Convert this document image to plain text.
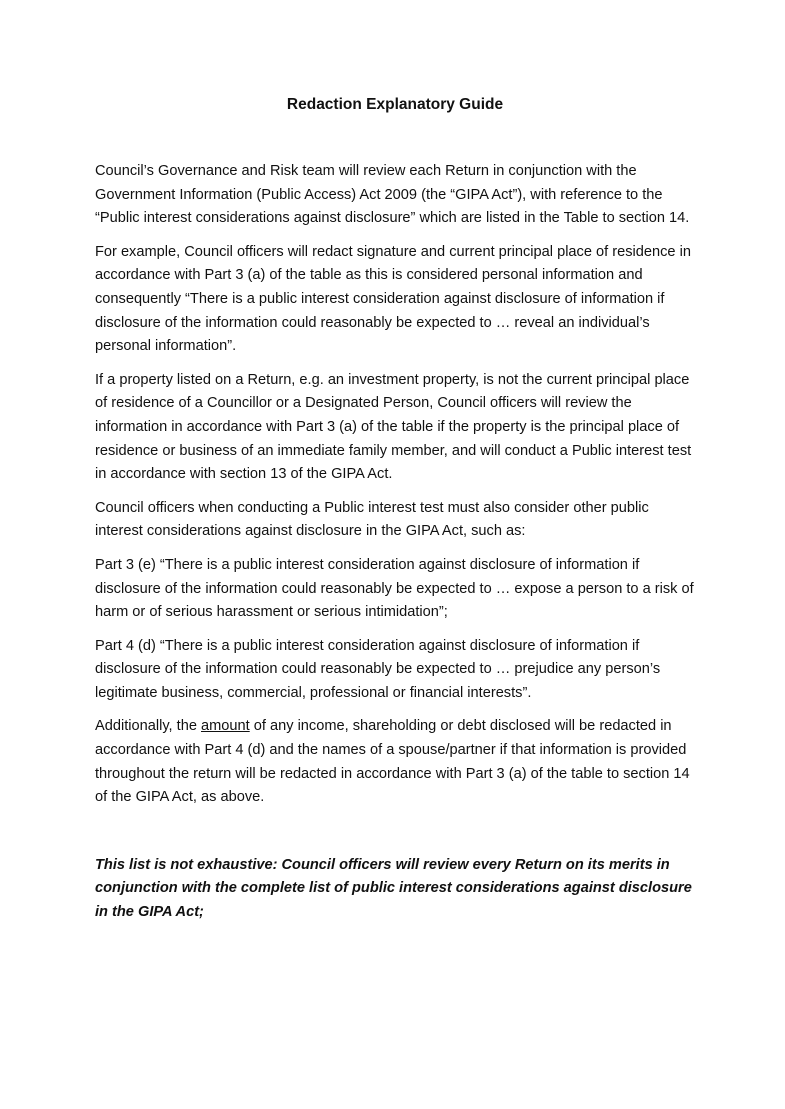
Redaction Explanatory Guide

Council’s Governance and Risk team will review each Return in conjunction with the Government Information (Public Access) Act 2009 (the “GIPA Act”), with reference to the “Public interest considerations against disclosure” which are listed in the Table to section 14.

For example, Council officers will redact signature and current principal place of residence in accordance with Part 3 (a) of the table as this is considered personal information and consequently “There is a public interest consideration against disclosure of information if disclosure of the information could reasonably be expected to … reveal an individual’s personal information”.

If a property listed on a Return, e.g. an investment property, is not the current principal place of residence of a Councillor or a Designated Person, Council officers will review the information in accordance with Part 3 (a) of the table if the property is the principal place of residence or business of an immediate family member, and will conduct a Public interest test in accordance with section 13 of the GIPA Act.

Council officers when conducting a Public interest test must also consider other public interest considerations against disclosure in the GIPA Act, such as:

Part 3 (e) “There is a public interest consideration against disclosure of information if disclosure of the information could reasonably be expected to … expose a person to a risk of harm or of serious harassment or serious intimidation”;

Part 4 (d) “There is a public interest consideration against disclosure of information if disclosure of the information could reasonably be expected to … prejudice any person’s legitimate business, commercial, professional or financial interests”.

Additionally, the amount of any income, shareholding or debt disclosed will be redacted in accordance with Part 4 (d) and the names of a spouse/partner if that information is provided throughout the return will be redacted in accordance with Part 3 (a) of the table to section 14 of the GIPA Act, as above.

This list is not exhaustive: Council officers will review every Return on its merits in conjunction with the complete list of public interest considerations against disclosure in the GIPA Act;
